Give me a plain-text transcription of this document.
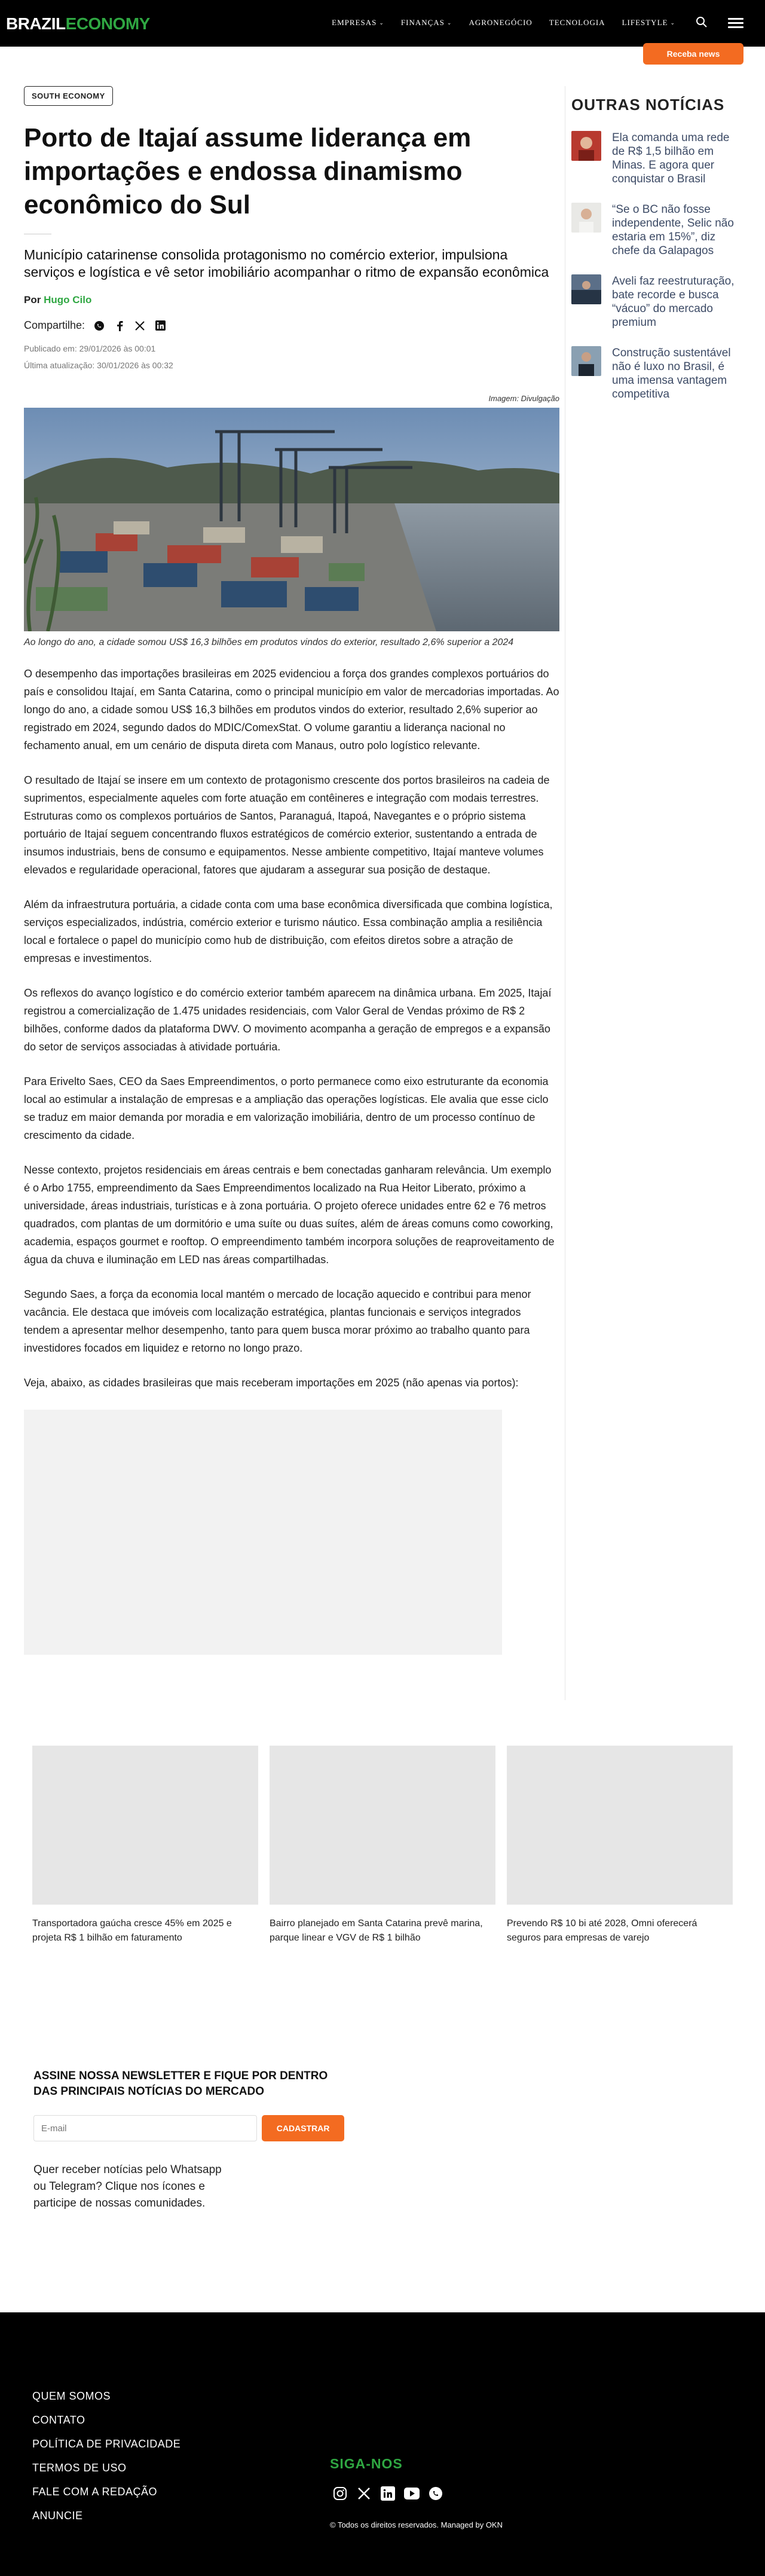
BRAZILECONOMY	EMPRESAS ⌄ FINANÇAS ⌄ AGRONEGÓCIO TECNOLOGIA LIFESTYLE ⌄
Receba news
SOUTH ECONOMY
Porto de Itajaí assume liderança em importações e endossa dinamismo econômico do Sul

Município catarinense consolida protagonismo no comércio exterior, impulsiona serviços e logística e vê setor imobiliário acompanhar o ritmo de expansão econômica

Por Hugo Cilo

Compartilhe:
Publicado em: 29/01/2026 às 00:01
Última atualização: 30/01/2026 às 00:32

Imagem: Divulgação

Ao longo do ano, a cidade somou US$ 16,3 bilhões em produtos vindos do exterior, resultado 2,6% superior a 2024

O desempenho das importações brasileiras em 2025 evidenciou a força dos grandes complexos portuários do país e consolidou Itajaí, em Santa Catarina, como o principal município em valor de mercadorias importadas. Ao longo do ano, a cidade somou US$ 16,3 bilhões em produtos vindos do exterior, resultado 2,6% superior ao registrado em 2024, segundo dados do MDIC/ComexStat. O volume garantiu a liderança nacional no fechamento anual, em um cenário de disputa direta com Manaus, outro polo logístico relevante.

O resultado de Itajaí se insere em um contexto de protagonismo crescente dos portos brasileiros na cadeia de suprimentos, especialmente aqueles com forte atuação em contêineres e integração com modais terrestres. Estruturas como os complexos portuários de Santos, Paranaguá, Itapoá, Navegantes e o próprio sistema portuário de Itajaí seguem concentrando fluxos estratégicos de comércio exterior, sustentando a entrada de insumos industriais, bens de consumo e equipamentos. Nesse ambiente competitivo, Itajaí manteve volumes elevados e regularidade operacional, fatores que ajudaram a assegurar sua posição de destaque.

Além da infraestrutura portuária, a cidade conta com uma base econômica diversificada que combina logística, serviços especializados, indústria, comércio exterior e turismo náutico. Essa combinação amplia a resiliência local e fortalece o papel do município como hub de distribuição, com efeitos diretos sobre a atração de empresas e investimentos.

Os reflexos do avanço logístico e do comércio exterior também aparecem na dinâmica urbana. Em 2025, Itajaí registrou a comercialização de 1.475 unidades residenciais, com Valor Geral de Vendas próximo de R$ 2 bilhões, conforme dados da plataforma DWV. O movimento acompanha a geração de empregos e a expansão do setor de serviços associadas à atividade portuária.

Para Erivelto Saes, CEO da Saes Empreendimentos, o porto permanece como eixo estruturante da economia local ao estimular a instalação de empresas e a ampliação das operações logísticas. Ele avalia que esse ciclo se traduz em maior demanda por moradia e em valorização imobiliária, dentro de um processo contínuo de crescimento da cidade.

Nesse contexto, projetos residenciais em áreas centrais e bem conectadas ganharam relevância. Um exemplo é o Arbo 1755, empreendimento da Saes Empreendimentos localizado na Rua Heitor Liberato, próximo a universidade, áreas industriais, turísticas e à zona portuária. O projeto oferece unidades entre 62 e 76 metros quadrados, com plantas de um dormitório e uma suíte ou duas suítes, além de áreas comuns como coworking, academia, espaços gourmet e rooftop. O empreendimento também incorpora soluções de reaproveitamento de água da chuva e iluminação em LED nas áreas compartilhadas.

Segundo Saes, a força da economia local mantém o mercado de locação aquecido e contribui para menor vacância. Ele destaca que imóveis com localização estratégica, plantas funcionais e serviços integrados tendem a apresentar melhor desempenho, tanto para quem busca morar próximo ao trabalho quanto para investidores focados em liquidez e retorno no longo prazo.

Veja, abaixo, as cidades brasileiras que mais receberam importações em 2025 (não apenas via portos):

OUTRAS NOTÍCIAS
Ela comanda uma rede de R$ 1,5 bilhão em Minas. E agora quer conquistar o Brasil
“Se o BC não fosse independente, Selic não estaria em 15%”, diz chefe da Galapagos
Aveli faz reestruturação, bate recorde e busca “vácuo” do mercado premium
Construção sustentável não é luxo no Brasil, é uma imensa vantagem competitiva

Transportadora gaúcha cresce 45% em 2025 e projeta R$ 1 bilhão em faturamento

Bairro planejado em Santa Catarina prevê marina, parque linear e VGV de R$ 1 bilhão

Prevendo R$ 10 bi até 2028, Omni oferecerá seguros para empresas de varejo

ASSINE NOSSA NEWSLETTER E FIQUE POR DENTRO DAS PRINCIPAIS NOTÍCIAS DO MERCADO
E-mail
CADASTRAR

Quer receber notícias pelo Whatsapp ou Telegram? Clique nos ícones e participe de nossas comunidades.

QUEM SOMOS
CONTATO
POLÍTICA DE PRIVACIDADE
TERMOS DE USO
FALE COM A REDAÇÃO
ANUNCIE
SIGA-NOS
© Todos os direitos reservados. Managed by OKN
